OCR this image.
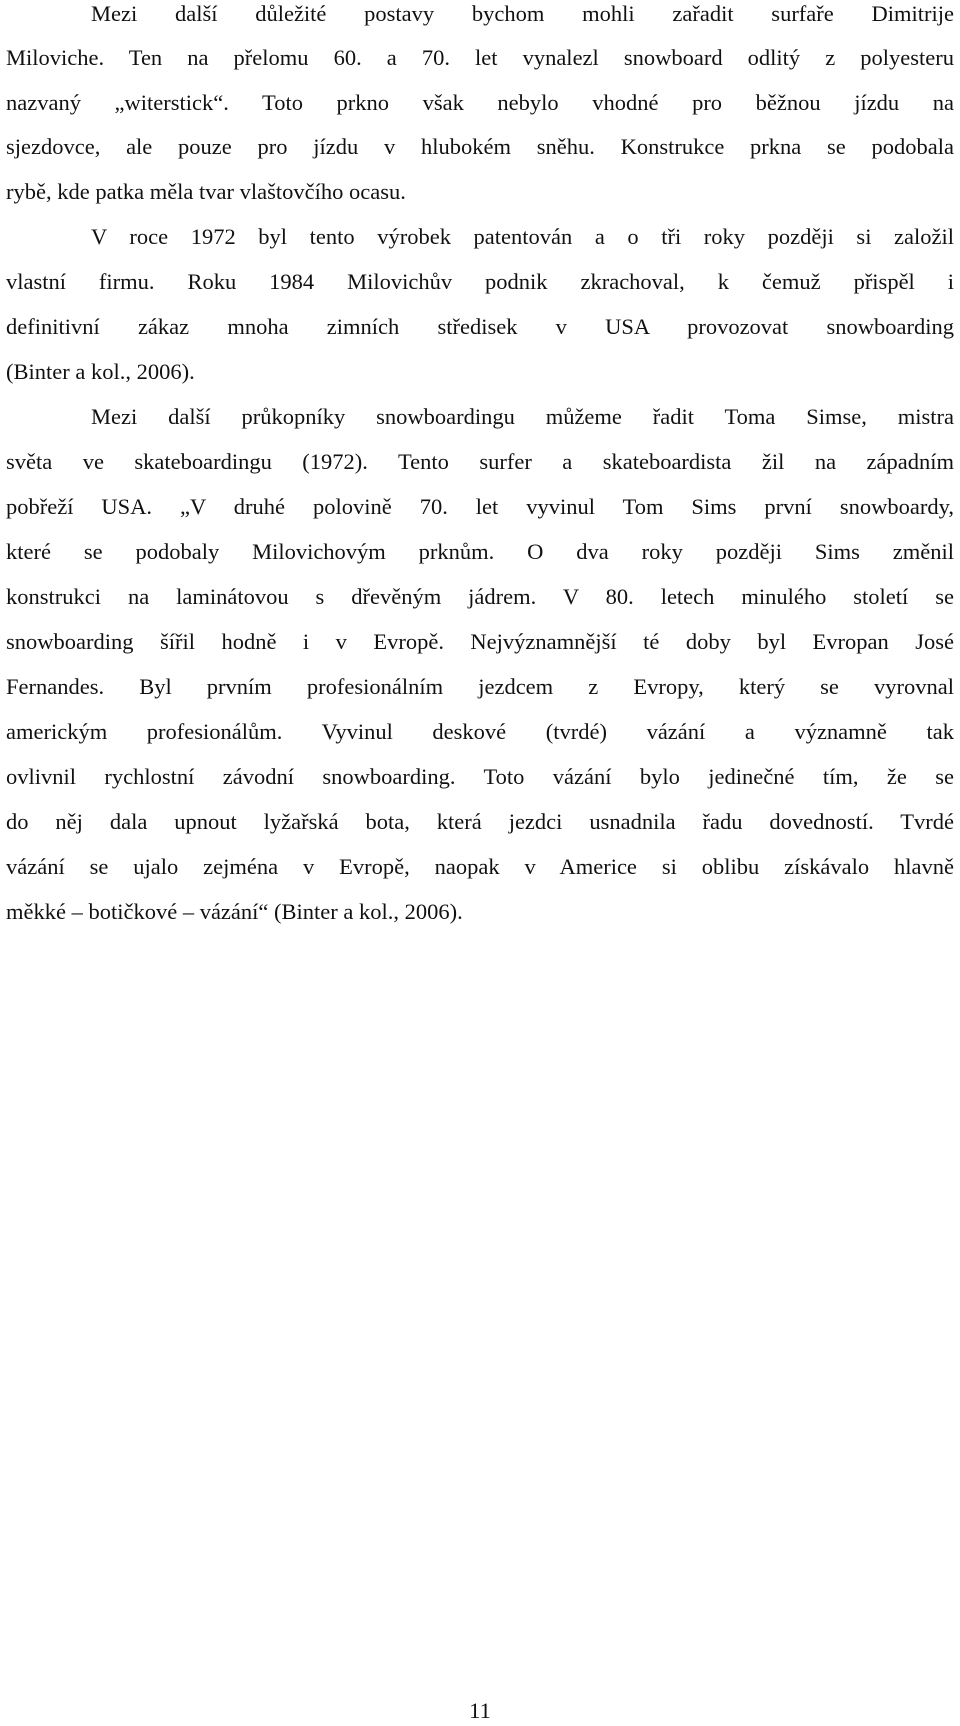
Mezi další důležité postavy bychom mohli zařadit surfaře Dimitrije
Miloviche. Ten na přelomu 60. a 70. let vynalezl snowboard odlitý z polyesteru
nazvaný „witerstick“. Toto prkno však nebylo vhodné pro běžnou jízdu na
sjezdovce, ale pouze pro jízdu v hlubokém sněhu. Konstrukce prkna se podobala
rybě, kde patka měla tvar vlaštovčího ocasu.
V roce 1972 byl tento výrobek patentován a o tři roky později si založil
vlastní firmu. Roku 1984 Milovichův podnik zkrachoval, k čemuž přispěl i
definitivní zákaz mnoha zimních středisek v USA provozovat snowboarding
(Binter a kol., 2006).
Mezi další průkopníky snowboardingu můžeme řadit Toma Simse, mistra
světa ve skateboardingu (1972). Tento surfer a skateboardista žil na západním
pobřeží USA. „V druhé polovině 70. let vyvinul Tom Sims první snowboardy,
které se podobaly Milovichovým prknům. O dva roky později Sims změnil
konstrukci na laminátovou s dřevěným jádrem. V 80. letech minulého století se
snowboarding šířil hodně i v Evropě. Nejvýznamnější té doby byl Evropan José
Fernandes. Byl prvním profesionálním jezdcem z Evropy, který se vyrovnal
americkým profesionálům. Vyvinul deskové (tvrdé) vázání a významně tak
ovlivnil rychlostní závodní snowboarding. Toto vázání bylo jedinečné tím, že se
do něj dala upnout lyžařská bota, která jezdci usnadnila řadu dovedností. Tvrdé
vázání se ujalo zejména v Evropě, naopak v Americe si oblibu získávalo hlavně
měkké – botičkové – vázání“ (Binter a kol., 2006).
11
